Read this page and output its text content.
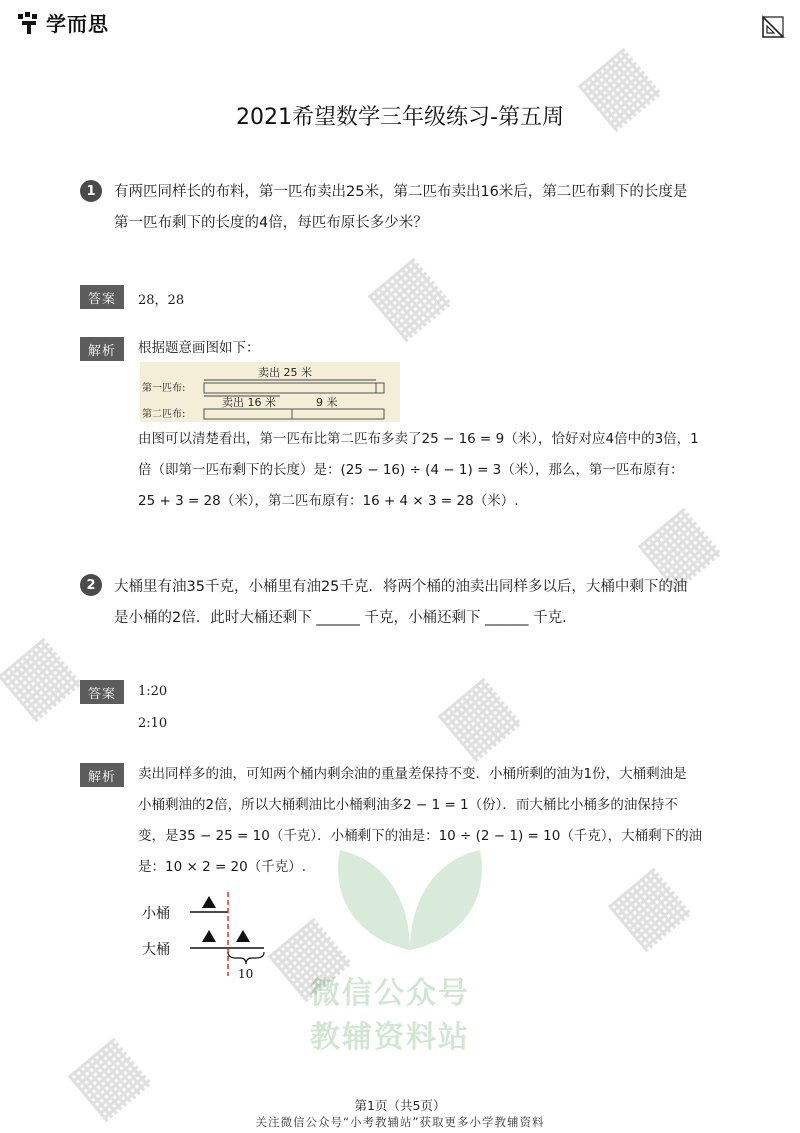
微信公众号
教辅资料站
学而思
2021希望数学三年级练习-第五周
1	有两匹同样长的布料，第一匹布卖出25米，第二匹布卖出16米后，第二匹布剩下的长度是
第一匹布剩下的长度的4倍，每匹布原长多少米？
答案	28，28
解析	根据题意画图如下：
卖出 25 米
第一匹布:
卖出 16 米	9 米
第二匹布:
由图可以清楚看出，第一匹布比第二匹布多卖了25 − 16 = 9（米），恰好对应4倍中的3倍，1
倍（即第一匹布剩下的长度）是：(25 − 16) ÷ (4 − 1) = 3（米），那么，第一匹布原有：
25 + 3 = 28（米），第二匹布原有：16 + 4 × 3 = 28（米）.
2	大桶里有油35千克，小桶里有油25千克．将两个桶的油卖出同样多以后，大桶中剩下的油
是小桶的2倍．此时大桶还剩下 ______ 千克，小桶还剩下 ______ 千克．
答案	1:20
2:10
解析	卖出同样多的油，可知两个桶内剩余油的重量差保持不变．小桶所剩的油为1份，大桶剩油是
小桶剩油的2倍，所以大桶剩油比小桶剩油多2 − 1 = 1（份）．而大桶比小桶多的油保持不
变，是35 − 25 = 10（千克）．小桶剩下的油是：10 ÷ (2 − 1) = 10（千克），大桶剩下的油
是：10 × 2 = 20（千克）.
小桶
大桶
10
第1页（共5页）
关注微信公众号“小考教辅站”获取更多小学教辅资料
